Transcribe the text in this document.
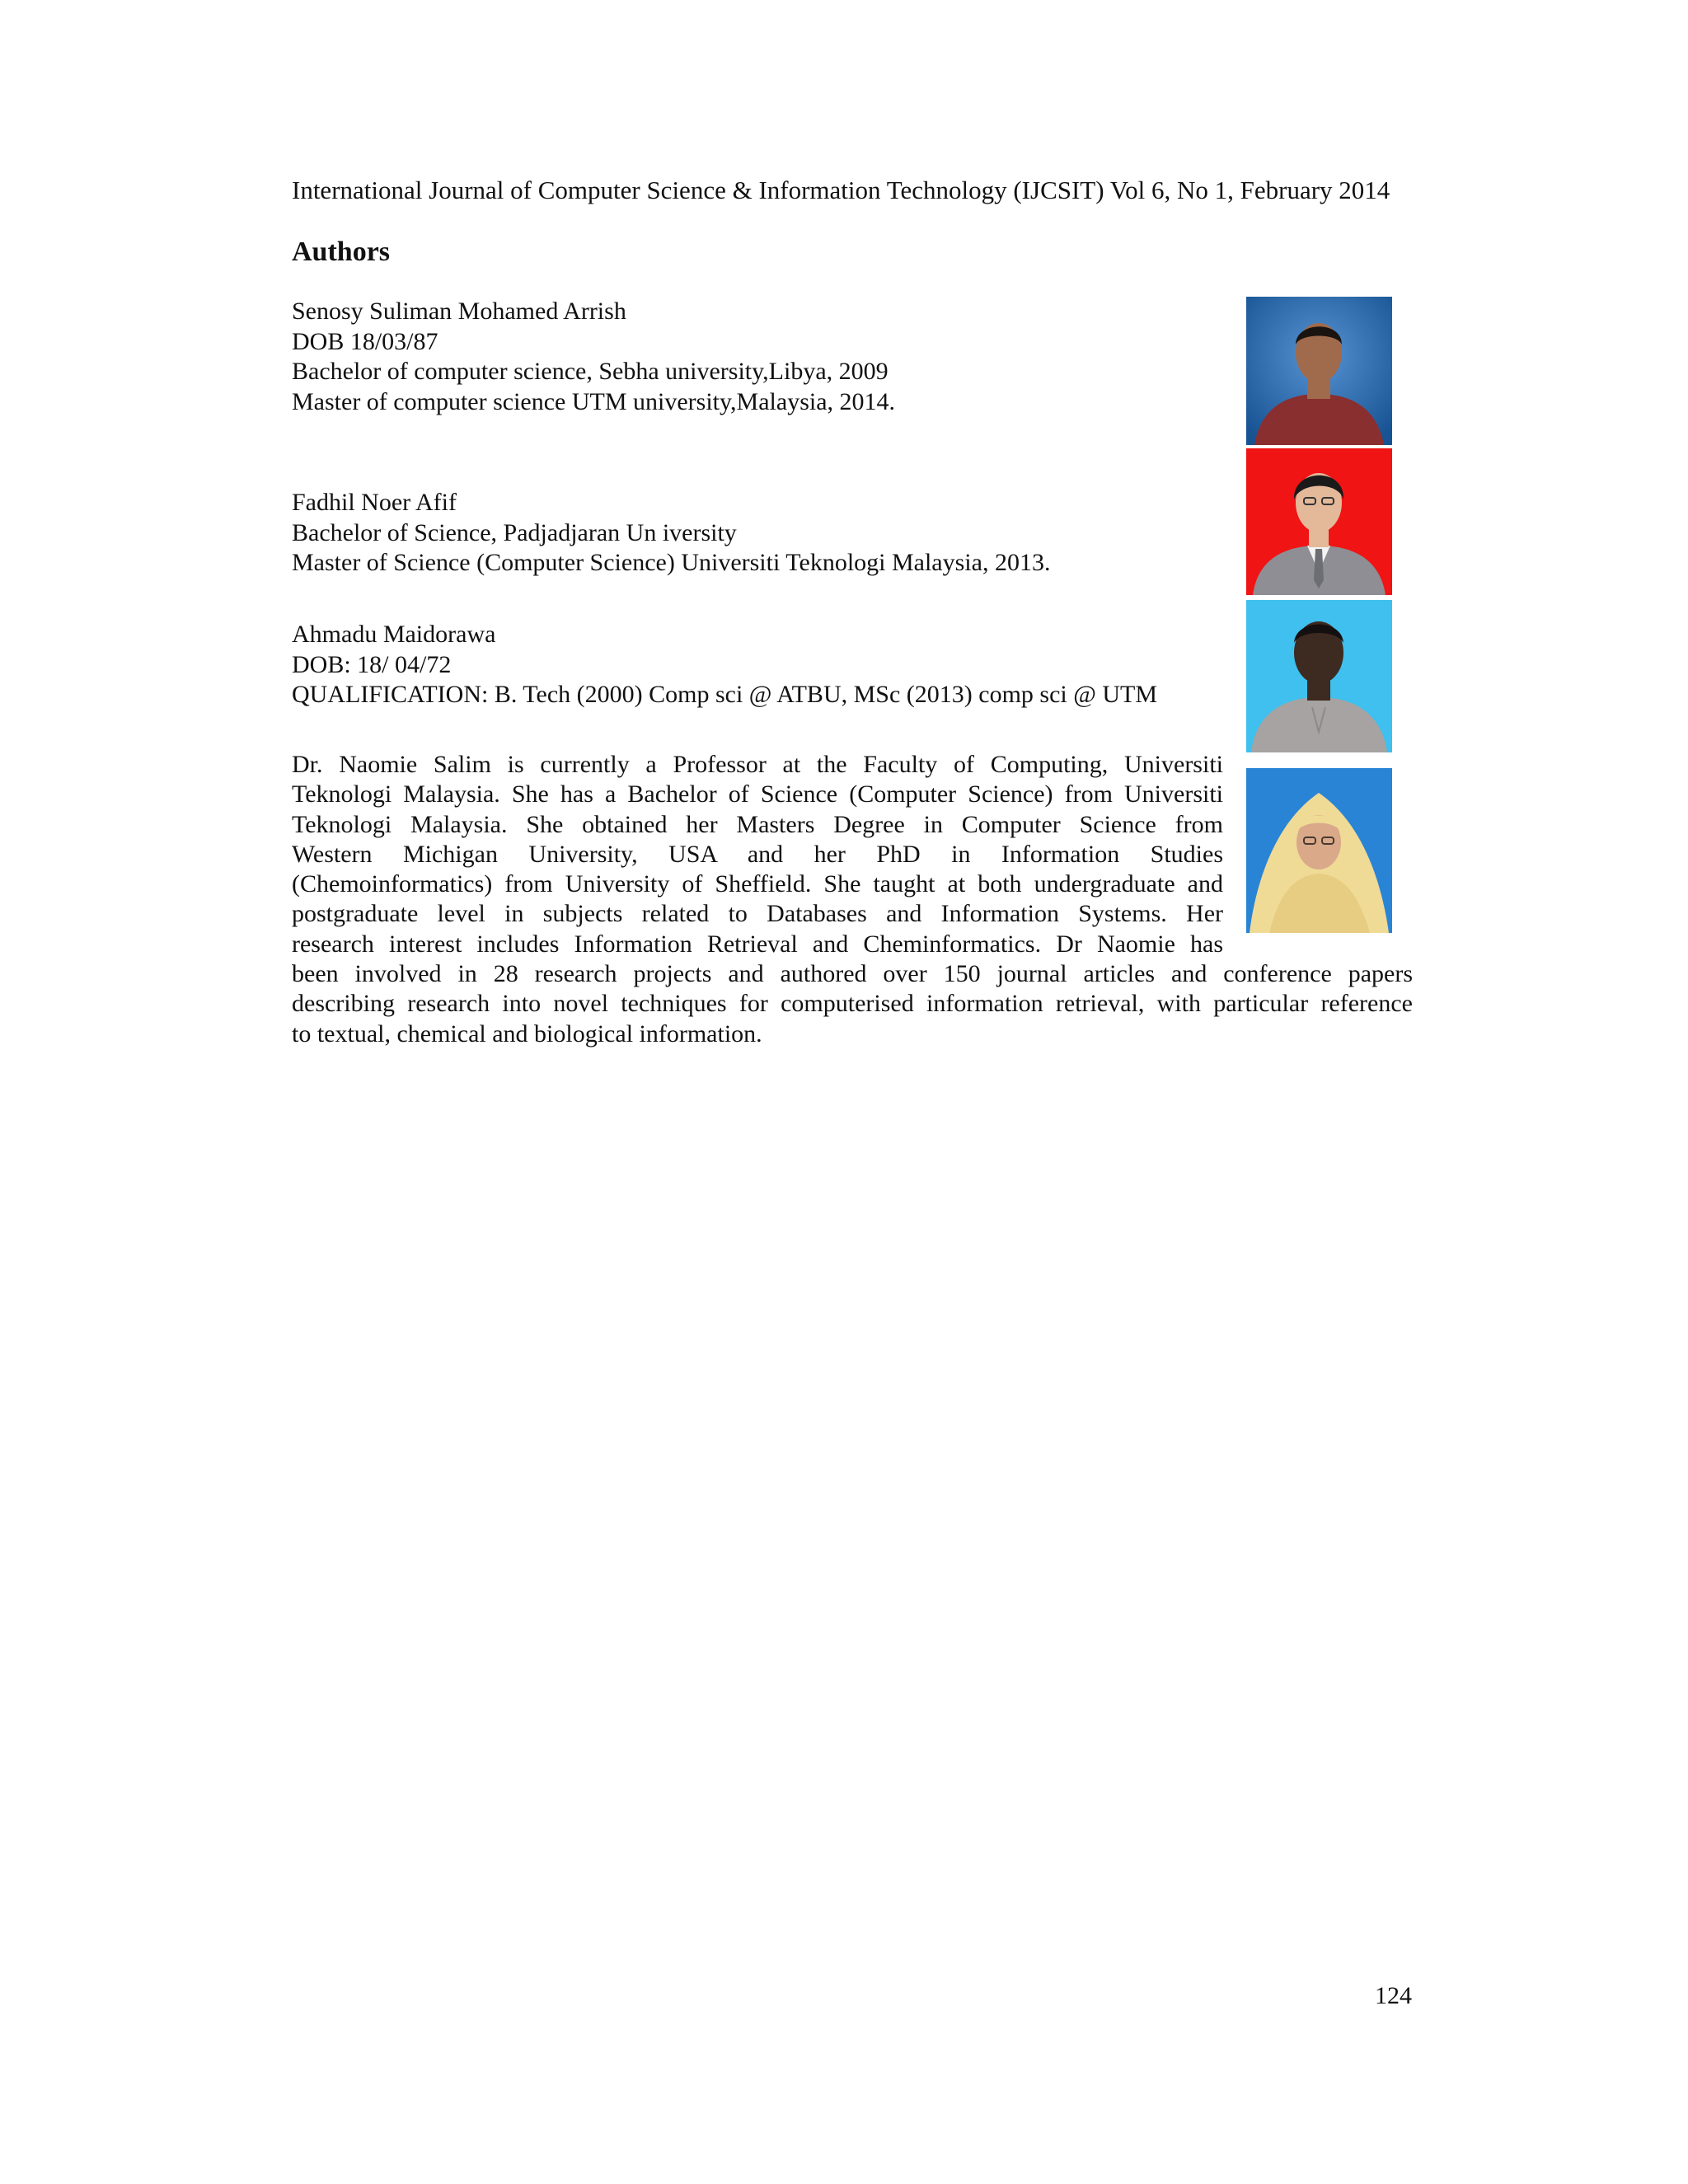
International Journal of Computer Science & Information Technology (IJCSIT) Vol 6, No 1, February 2014
Authors
Senosy Suliman Mohamed Arrish
DOB 18/03/87
Bachelor of computer science, Sebha university,Libya, 2009
Master of computer science UTM university,Malaysia, 2014.
Fadhil Noer Afif
Bachelor of Science, Padjadjaran Un iversity
Master of Science (Computer Science) Universiti Teknologi Malaysia, 2013.
Ahmadu Maidorawa
DOB: 18/ 04/72
QUALIFICATION: B. Tech (2000) Comp sci @ ATBU, MSc (2013) comp sci @ UTM
Dr. Naomie Salim is currently a Professor at the Faculty of Computing, Universiti
Teknologi Malaysia. She has a Bachelor of Science (Computer Science) from Universiti
Teknologi Malaysia. She obtained her Masters Degree in Computer Science from
Western Michigan University, USA and her PhD in Information Studies
(Chemoinformatics) from University of Sheffield. She taught at both undergraduate and
postgraduate level in subjects related to Databases and Information Systems. Her
research interest includes Information Retrieval and Cheminformatics. Dr Naomie has
been involved in 28 research projects and authored over 150 journal articles and conference papers
describing research into novel techniques for computerised information retrieval, with particular reference
to textual, chemical and biological information.
124
